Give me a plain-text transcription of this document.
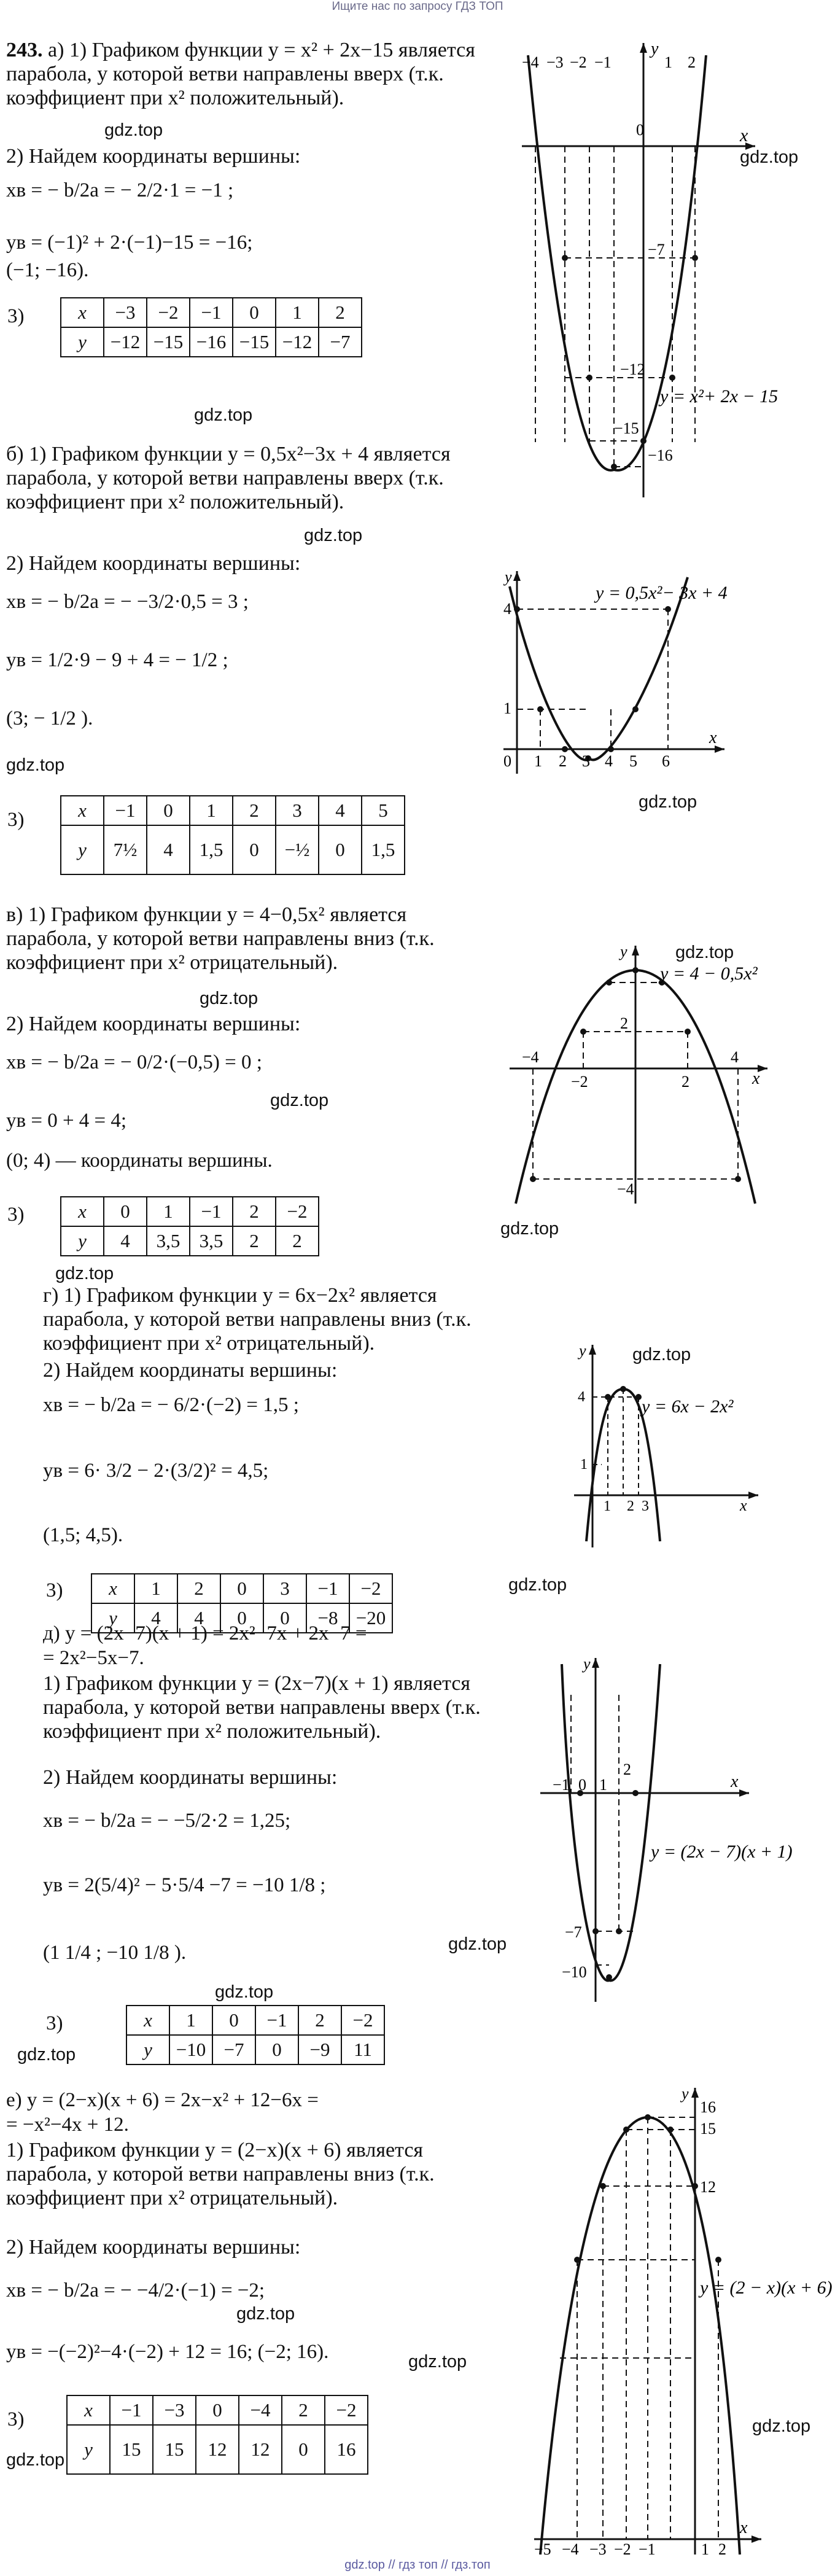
Ищите нас по запросу ГДЗ ТОП
243. а) 1) Графиком функции y = x² + 2x−15 является парабола, у которой ветви направлены вверх (т.к. коэффициент при x² положительный).
gdz.top
2) Найдем координаты вершины:
xв = − b/2a = − 2/2·1 = −1 ;
yв = (−1)² + 2·(−1)−15 = −16;
(−1; −16).
3)	x	−3	−2	−1	0	1	2
y	−12	−15	−16	−15	−12	−7
gdz.top
gdz.top
x
y
−4 −3 −2 −1
0
1 2
−7
−12
−15
−16
y = x²+ 2x − 15
б) 1) Графиком функции y = 0,5x²−3x + 4 является парабола, у которой ветви направлены вверх (т.к. коэффициент при x² положительный).
gdz.top
2) Найдем координаты вершины:
xв = − b/2a = − −3/2·0,5 = 3 ;
yв = 1/2·9 − 9 + 4 = − 1/2 ;
(3; − 1/2 ).
gdz.top
3)	x	−1	0	1	2	3	4	5
y	7½	4	1,5	0	−½	0	1,5
gdz.top
x
y
0 1 2 3 4 5 6
4
1
y = 0,5x²− 3x + 4
в) 1) Графиком функции y = 4−0,5x² является парабола, у которой ветви направлены вниз (т.к. коэффициент при x² отрицательный).
gdz.top
2) Найдем координаты вершины:
xв = − b/2a = − 0/2·(−0,5) = 0 ;
gdz.top
yв = 0 + 4 = 4;
(0; 4) — координаты вершины.
3)	x	0	1	−1	2	−2
y	4	3,5	3,5	2	2
gdz.top
gdz.top
gdz.top
x
y
−4
−2	2
4
2
−4
y = 4 − 0,5x²
г) 1) Графиком функции y = 6x−2x² является парабола, у которой ветви направлены вниз (т.к. коэффициент при x² отрицательный).
2) Найдем координаты вершины:
xв = − b/2a = − 6/2·(−2) = 1,5 ;
yв = 6· 3/2 − 2·(3/2)² = 4,5;
(1,5; 4,5).
3) x	1	2	0	3	−1	−2
y	4	4	0	0	−8	−20
gdz.top
gdz.top
x
y
1 2 3
4
1
y = 6x − 2x²
д) y = (2x−7)(x + 1) = 2x²−7x + 2x−7 =
= 2x²−5x−7.
1) Графиком функции y = (2x−7)(x + 1) является парабола, у которой ветви направлены вверх (т.к. коэффициент при x² положительный).
2) Найдем координаты вершины:
xв = − b/2a = − −5/2·2 = 1,25;
yв = 2(5/4)² − 5·5/4 −7 = −10 1/8 ;
(1 1/4 ; −10 1/8 ).
gdz.top
gdz.top
3)	x	1	0	−1	2	−2
y	−10	−7	0	−9	11
gdz.top
x
y
−1 0 1
2
−7
−10
y = (2x − 7)(x + 1)
е) y = (2−x)(x + 6) = 2x−x² + 12−6x =
= −x²−4x + 12.
1) Графиком функции y = (2−x)(x + 6) является парабола, у которой ветви направлены вниз (т.к. коэффициент при x² отрицательный).
2) Найдем координаты вершины:
xв = − b/2a = − −4/2·(−1) = −2;
gdz.top
yв = −(−2)²−4·(−2) + 12 = 16; (−2; 16).	gdz.top
3)	x	−1	−3	0	−4	2	−2
y	15	15	12	12	0	16
gdz.top
gdz.top
x
y
−5 −4 −3 −2 −1	1 2
16
15
12
y = (2 − x)(x + 6)
gdz.top // гдз топ // гдз.топ
